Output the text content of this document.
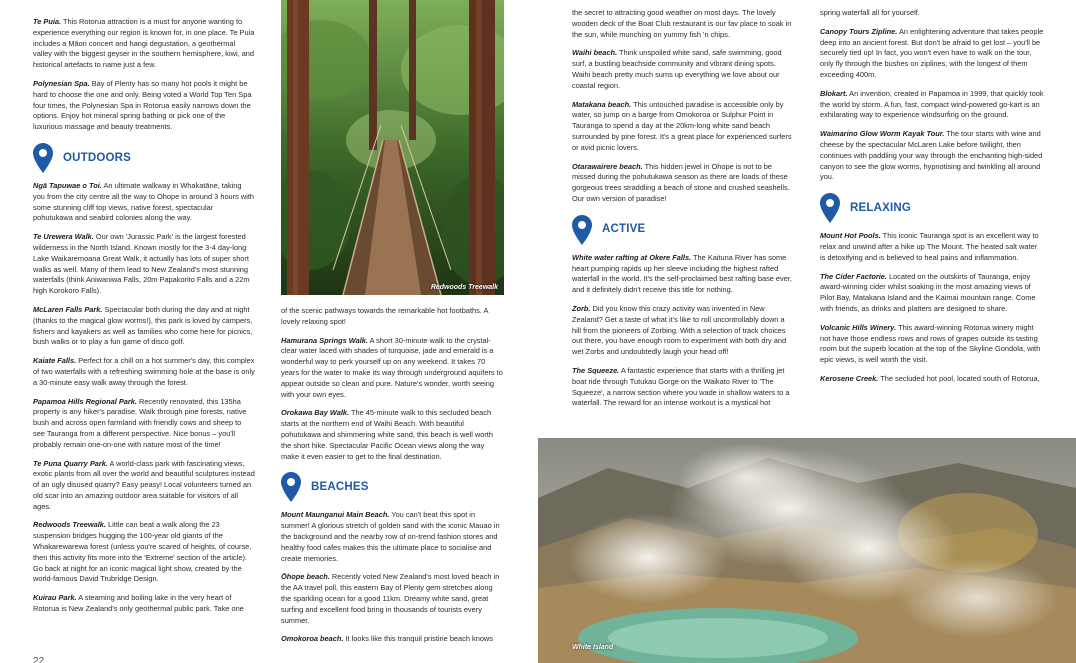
Te Puia. This Rotorua attraction is a must for anyone wanting to experience everything our region is known for, in one place. Te Puia includes a Māori concert and hangi degustation, a geothermal valley with the biggest geyser in the southern hemisphere, kiwi, and historical artefacts to name just a few.

Polynesian Spa. Bay of Plenty has so many hot pools it might be hard to choose the one and only. Being voted a World Top Ten Spa four times, the Polynesian Spa in Rotorua easily narrows down the options. Enjoy hot mineral spring bathing or pick one of the luxurious massage and beauty treatments.

OUTDOORS

Ngā Tapuwae o Toi. An ultimate walkway in Whakatāne, taking you from the city centre all the way to Ohope in around 3 hours with some stunning cliff top views, native forest, spectacular pohutukawa and seabird colonies along the way.

Te Urewera Walk. Our own 'Jurassic Park' is the largest forested wilderness in the North Island. Known mostly for the 3-4 day-long Lake Waikaremoana Great Walk, it actually has lots of super short walks as well. Many of them lead to New Zealand's most stunning waterfalls (think Aniwaniwa Falls, 20m Papakorito Falls and a 22m high Korokoro Falls).

McLaren Falls Park. Spectacular both during the day and at night (thanks to the magical glow worms!), this park is loved by campers, fishers and kayakers as well as families who come here for picnics, bush walks or to play a fun game of disco golf.

Kaiate Falls. Perfect for a chill on a hot summer's day, this complex of two waterfalls with a refreshing swimming hole at the base is only a 30-minute easy walk away through the forest.

Papamoa Hills Regional Park. Recently renovated, this 135ha property is any hiker's paradise. Walk through pine forests, native bush and across open farmland with friendly cows and sheep to see Tauranga from a different perspective. Nice bonus – you'll probably remain one-on-one with nature most of the time!

Te Puna Quarry Park. A world-class park with fascinating views, exotic plants from all over the world and beautiful sculptures instead of an ugly disused quarry? Easy peasy! Local volunteers turned an old scar into an amazing outdoor area suitable for visitors of all ages.

Redwoods Treewalk. Little can beat a walk along the 23 suspension bridges hugging the 100-year old giants of the Whakarewarewa forest (unless you're scared of heights, of course, then this activity fits more into the 'Extreme' section of the article). Go back at night for an iconic magical light show, created by the world-famous David Trubridge Design.

Kuirau Park. A steaming and boiling lake in the very heart of Rotorua is New Zealand's only geothermal public park. Take one

Redwoods Treewalk

of the scenic pathways towards the remarkable hot footbaths. A lovely relaxing spot!

Hamurana Springs Walk. A short 30-minute walk to the crystal-clear water laced with shades of turquoise, jade and emerald is a wonderful way to perk yourself up on any weekend. It takes 70 years for the water to make its way through underground aquifers to appear outside so clean and pure. Nature's wonder, worth seeing with your own eyes.

Orokawa Bay Walk. The 45-minute walk to this secluded beach starts at the northern end of Waihi Beach. With beautiful pohutukawa and shimmering white sand, this beach is well worth the short hike. Spectacular Pacific Ocean views along the way make it even easier to get to the final destination.

BEACHES

Mount Maunganui Main Beach. You can't beat this spot in summer! A glorious stretch of golden sand with the iconic Mauao in the background and the nearby row of on-trend fashion stores and healthy food cafes makes this the ultimate place to socialise and create memories.

Ōhope beach. Recently voted New Zealand's most loved beach in the AA travel poll, this eastern Bay of Plenty gem stretches along the sparkling ocean for a good 11km. Dreamy white sand, great surfing and excellent food bring in thousands of tourists every summer.

Omokoroa beach. It looks like this tranquil pristine beach knows

the secret to attracting good weather on most days. The lovely wooden deck of the Boat Club restaurant is our fav place to soak in the sun, while munching on yummy fish 'n chips.

Waihi beach. Think unspoiled white sand, safe swimming, good surf, a bustling beachside community and vibrant dining spots. Waihi beach pretty much sums up everything we love about our coastal region.

Matakana beach. This untouched paradise is accessible only by water, so jump on a barge from Omokoroa or Sulphur Point in Tauranga to spend a day at the 20km-long white sand beach surrounded by pine forest. It's a great place for experienced surfers or avid picnic lovers.

Otarawairere beach. This hidden jewel in Ohope is not to be missed during the pohutukawa season as there are loads of these gorgeous trees straddling a beach of stone and crushed seashells. Our own version of paradise!

ACTIVE

White water rafting at Okere Falls. The Kaituna River has some heart pumping rapids up her sleeve including the highest rafted waterfall in the world. It's the self-proclaimed best rafting base ever, and it definitely didn't receive this title for nothing.

Zorb. Did you know this crazy activity was invented in New Zealand? Get a taste of what it's like to roll uncontrollably down a hill from the pioneers of Zorbing. With a selection of track choices out there, you have enough room to experiment with both dry and wet Zorbs and undoubtedly laugh your head off!

The Squeeze. A fantastic experience that starts with a thrilling jet boat ride through Tutukau Gorge on the Waikato River to 'The Squeeze', a narrow section where you wade in shallow waters to a waterfall. The reward for an intense workout is a mystical hot

spring waterfall all for yourself.

Canopy Tours Zipline. An enlightening adventure that takes people deep into an ancient forest. But don't be afraid to get lost – you'll be securely tied up! In fact, you won't even have to walk on the tour, only fly through the bushes on ziplines, with the longest of them exceeding 400m.

Blokart. An invention, created in Papamoa in 1999, that quickly took the world by storm. A fun, fast, compact wind-powered go-kart is an exhilarating way to experience windsurfing on the ground.

Waimarino Glow Worm Kayak Tour. The tour starts with wine and cheese by the spectacular McLaren Lake before twilight, then continues with paddling your way through the enchanting high-sided canyon to see the glow worms, hypnotising and twinkling all around you.

RELAXING

Mount Hot Pools. This iconic Tauranga spot is an excellent way to relax and unwind after a hike up The Mount. The heated salt water is detoxifying and is believed to heal pains and inflammation.

The Cider Factorie. Located on the outskirts of Tauranga, enjoy award-winning cider whilst soaking in the most amazing views of Pilot Bay, Matakana Island and the Kaimai mountain range. Come with friends, as drinks and platters are designed to share.

Volcanic Hills Winery. This award-winning Rotorua winery might not have those endless rows and rows of grapes outside its tasting room but the superb location at the top of the Skyline Gondola, with epic views, is well worth the visit.

Kerosene Creek. The secluded hot pool, located south of Rotorua,

White Island
22
